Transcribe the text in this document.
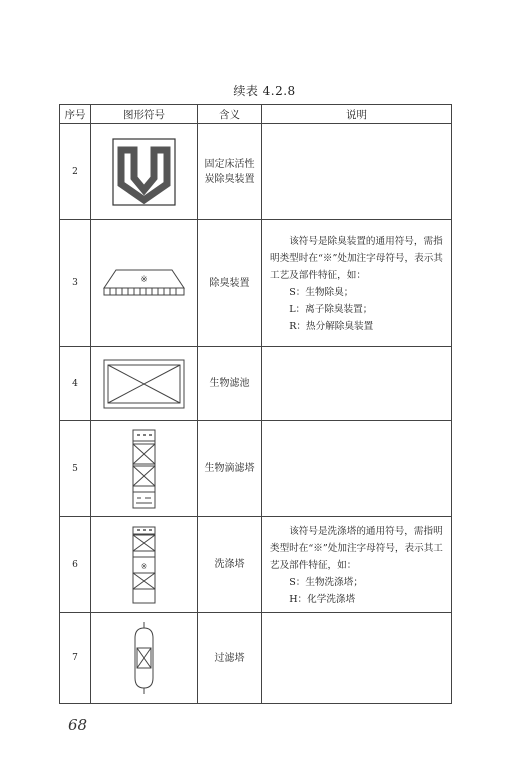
续表 4.2.8
序号	图形符号	含义	说明
2		固定床活性
炭除臭装置	

3	※	除臭装置	该符号是除臭装置的通用符号，需指明类型时在“※”处加注字母符号，表示其工艺及部件特征，如：

S：生物除臭；

L：离子除臭装置；

R：热分解除臭装置

4		生物滤池	
5		生物滴滤塔	
6	※	洗涤塔	该符号是洗涤塔的通用符号，需指明类型时在“※”处加注字母符号，表示其工艺及部件特征，如：

S：生物洗涤塔；

H：化学洗涤塔

7		过滤塔	
68
